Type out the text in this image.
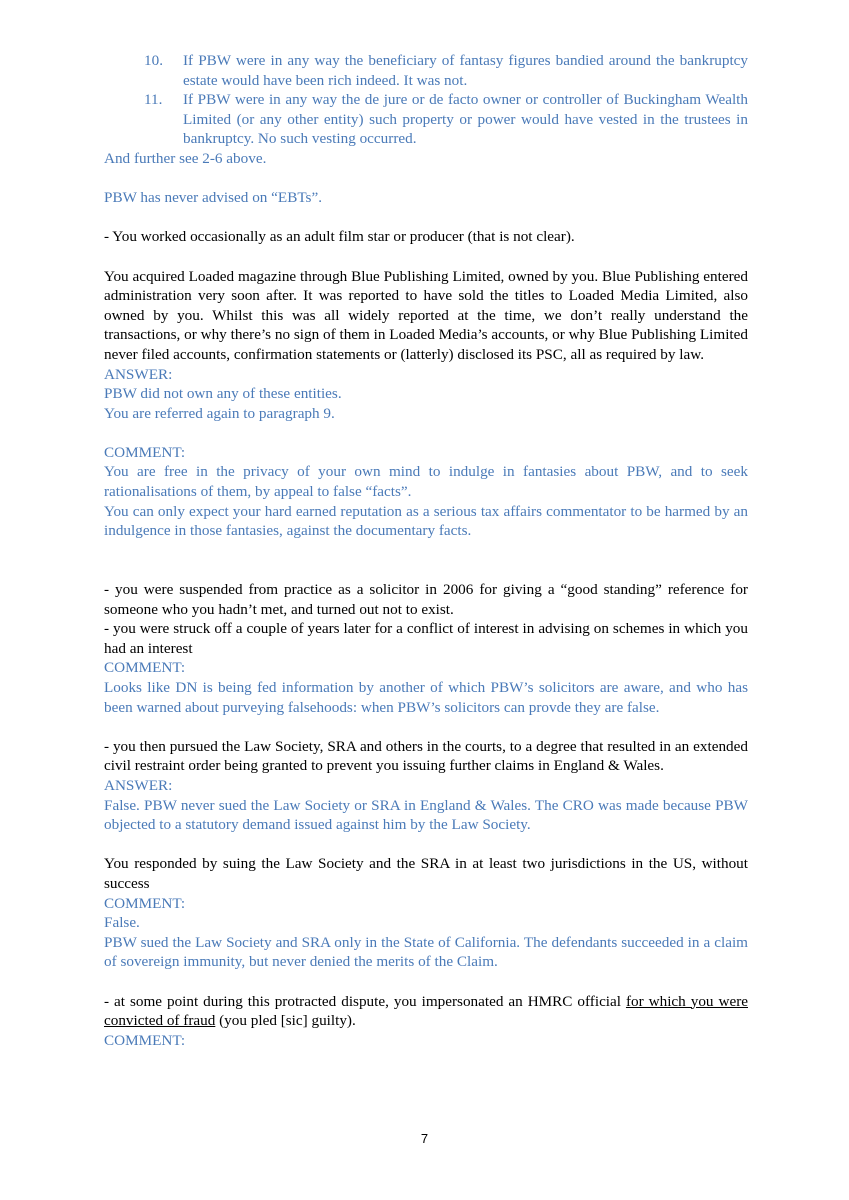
10.	If PBW were in any way the beneficiary of fantasy figures bandied around the bankruptcy estate would have been rich indeed. It was not.
11.	If PBW were in any way the de jure or de facto owner or controller of Buckingham Wealth Limited (or any other entity) such property or power would have vested in the trustees in bankruptcy. No such vesting occurred.
And further see 2-6 above.
PBW has never advised on “EBTs”.
- You worked occasionally as an adult film star or producer (that is not clear).
You acquired Loaded magazine through Blue Publishing Limited, owned by you. Blue Publishing entered administration very soon after. It was reported to have sold the titles to Loaded Media Limited, also owned by you. Whilst this was all widely reported at the time, we don’t really understand the transactions, or why there’s no sign of them in Loaded Media’s accounts, or why Blue Publishing Limited never filed accounts, confirmation statements or (latterly) disclosed its PSC, all as required by law.
ANSWER:
PBW did not own any of these entities.
You are referred again to paragraph 9.
COMMENT:
You are free in the privacy of your own mind to indulge in fantasies about PBW, and to seek rationalisations of them, by appeal to false “facts”.
You can only expect your hard earned reputation as a serious tax affairs commentator to be harmed by an indulgence in those fantasies, against the documentary facts.
- you were suspended from practice as a solicitor in 2006 for giving a “good standing” reference for someone who you hadn’t met, and turned out not to exist.
- you were struck off a couple of years later for a conflict of interest in advising on schemes in which you had an interest
COMMENT:
Looks like DN is being fed information by another of which PBW’s solicitors are aware, and who has been warned about purveying falsehoods: when PBW’s solicitors can provde they are false.
- you then pursued the Law Society, SRA and others in the courts, to a degree that resulted in an extended civil restraint order being granted to prevent you issuing further claims in England & Wales.
ANSWER:
False. PBW never sued the Law Society or SRA in England & Wales. The CRO was made because PBW objected to a statutory demand issued against him by the Law Society.
You responded by suing the Law Society and the SRA in at least two jurisdictions in the US, without success
COMMENT:
False.
PBW sued the Law Society and SRA only in the State of California. The defendants succeeded in a claim of sovereign immunity, but never denied the merits of the Claim.
- at some point during this protracted dispute, you impersonated an HMRC official for which you were convicted of fraud (you pled [sic] guilty).
COMMENT:
7
